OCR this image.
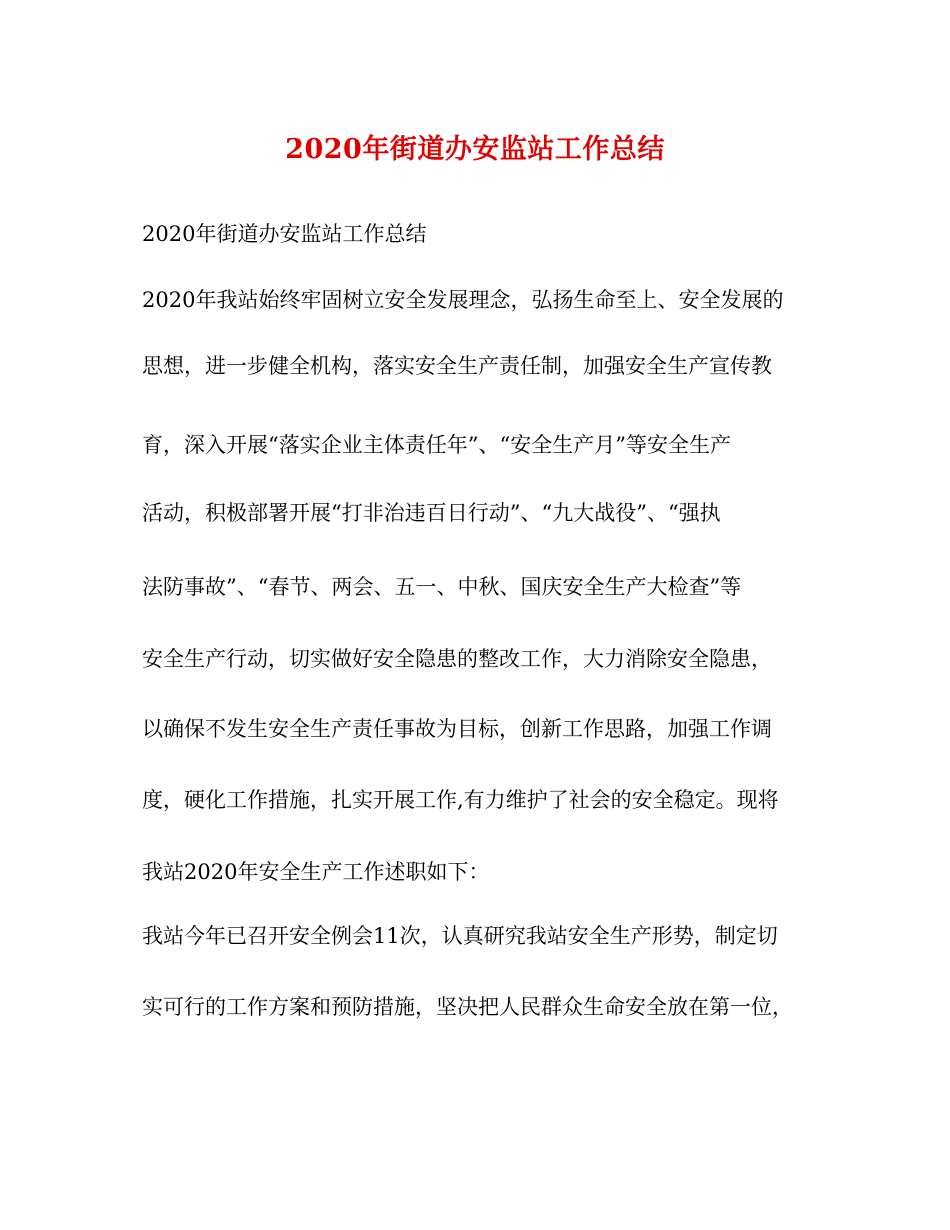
2020年街道办安监站工作总结

2020年街道办安监站工作总结

2020年我站始终牢固树立安全发展理念，弘扬生命至上、安全发展的

思想，进一步健全机构，落实安全生产责任制，加强安全生产宣传教

育，深入开展“落实企业主体责任年”、“安全生产月”等安全生产

活动，积极部署开展“打非治违百日行动”、“九大战役”、“强执

法防事故”、“春节、两会、五一、中秋、国庆安全生产大检查”等

安全生产行动，切实做好安全隐患的整改工作，大力消除安全隐患，

以确保不发生安全生产责任事故为目标，创新工作思路，加强工作调

度，硬化工作措施，扎实开展工作,有力维护了社会的安全稳定。现将

我站2020年安全生产工作述职如下：

我站今年已召开安全例会11次，认真研究我站安全生产形势，制定切

实可行的工作方案和预防措施，坚决把人民群众生命安全放在第一位，
